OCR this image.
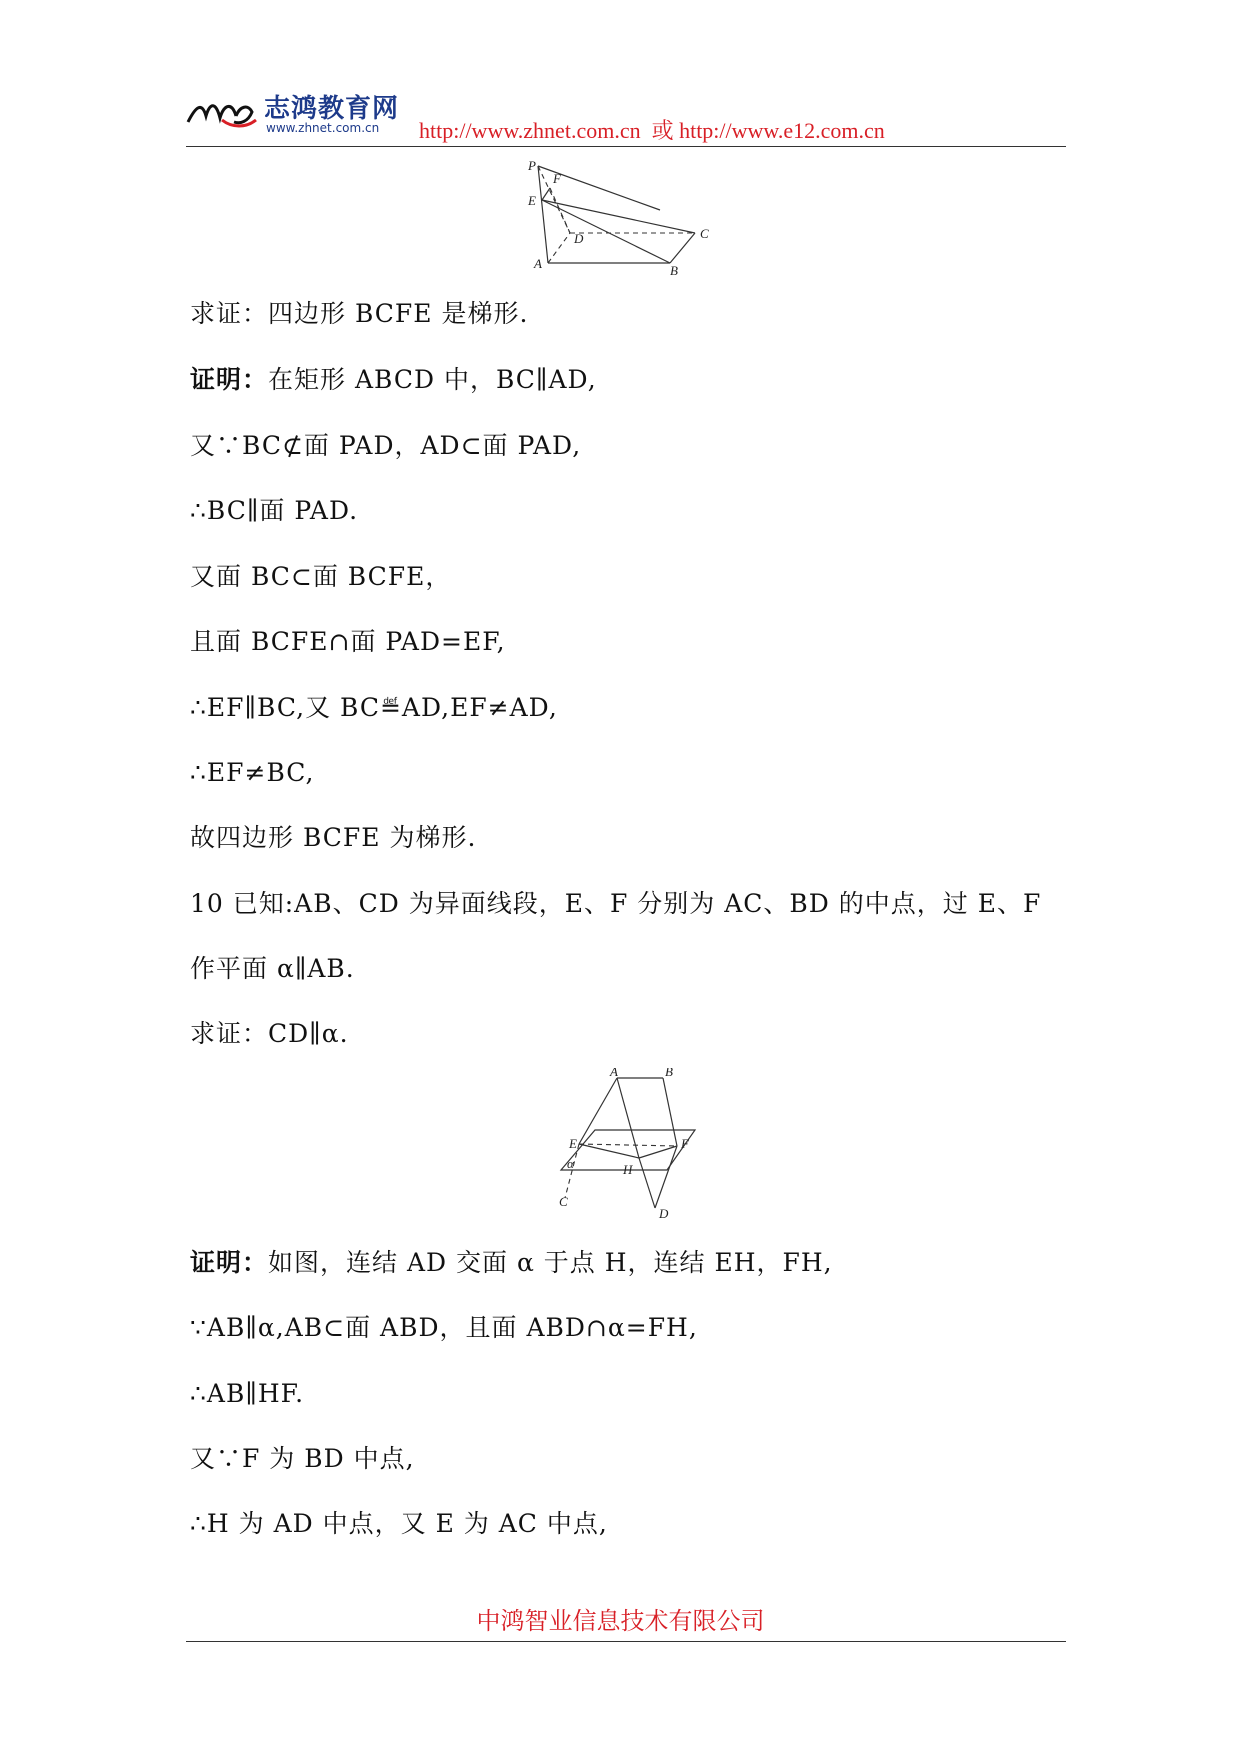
志鸿教育网
www.zhnet.com.cn http://www.zhnet.com.cn  或 http://www.e12.com.cn
P
F
E
D	C
A	B
求证：四边形 BCFE 是梯形.
证明：在矩形 ABCD 中，BC∥AD,
又∵BC⊄面 PAD，AD⊂面 PAD,
∴BC∥面 PAD.
又面 BC⊂面 BCFE，
且面 BCFE∩面 PAD=EF,
∴EF∥BC,又 BC≝AD,EF≠AD,
∴EF≠BC,
故四边形 BCFE 为梯形.
10 已知:AB、CD 为异面线段，E、F 分别为 AC、BD 的中点，过 E、F
作平面 α∥AB.
求证：CD∥α.
A	B
E	F
α	H
C
D
证明：如图，连结 AD 交面 α 于点 H，连结 EH，FH,
∵AB∥α,AB⊂面 ABD，且面 ABD∩α=FH,
∴AB∥HF.
又∵F 为 BD 中点,
∴H 为 AD 中点，又 E 为 AC 中点,
中鸿智业信息技术有限公司
